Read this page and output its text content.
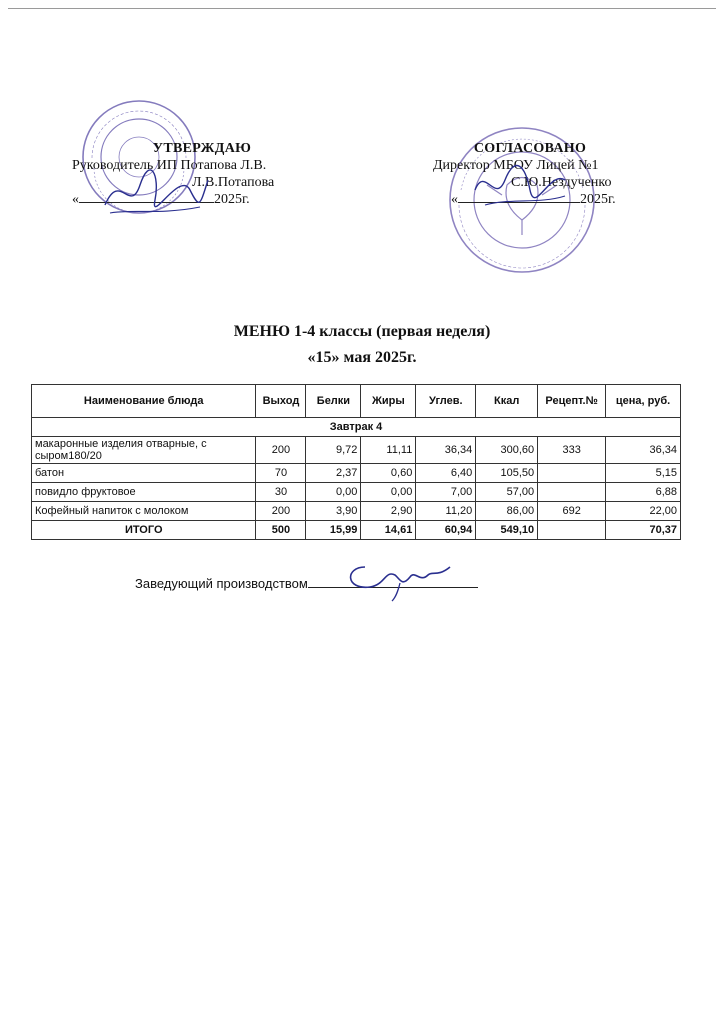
УТВЕРЖДАЮ
Руководитель ИП Потапова Л.В.
Л.В.Потапова
«	2025г.
СОГЛАСОВАНО
Директор МБОУ Лицей №1
С.Ю.Нездученко
«	2025г.
МЕНЮ 1-4 классы (первая неделя)
«15» мая 2025г.
Наименование блюда	Выход	Белки	Жиры	Углев.	Ккал	Рецепт.№	цена, руб.
Завтрак 4							
макаронные изделия отварные, с сыром180/20	200	9,72	11,11	36,34	300,60	333	36,34
батон	70	2,37	0,60	6,40	105,50		5,15
повидло фруктовое	30	0,00	0,00	7,00	57,00		6,88
Кофейный напиток с молоком	200	3,90	2,90	11,20	86,00	692	22,00
ИТОГО	500	15,99	14,61	60,94	549,10		70,37
Заведующий производством
